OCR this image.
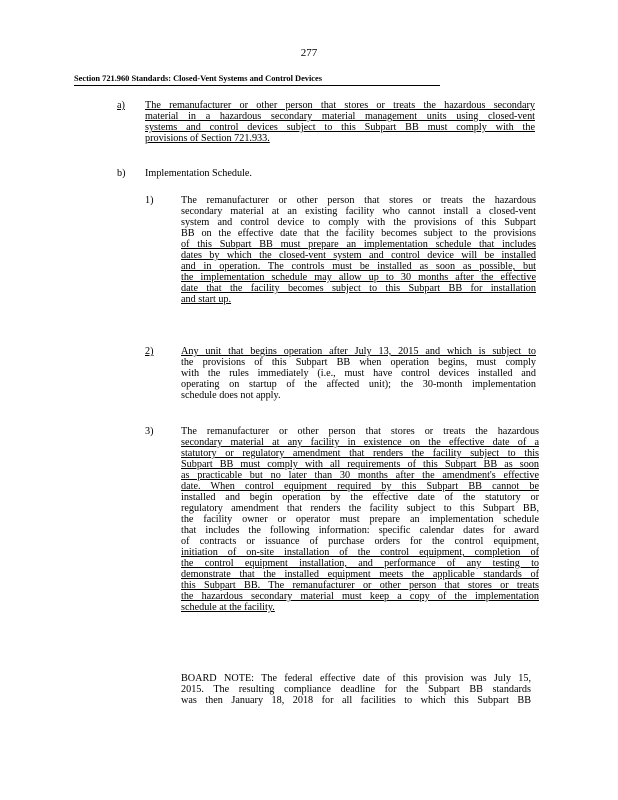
277
Section 721.960 Standards: Closed-Vent Systems and Control Devices
a) The remanufacturer or other person that stores or treats the hazardous secondary
material in a hazardous secondary material management units using closed-vent
systems and control devices subject to this Subpart BB must comply with the
provisions of Section 721.933.
b) Implementation Schedule.
1)	The remanufacturer or other person that stores or treats the hazardous
secondary material at an existing facility who cannot install a closed-vent
system and control device to comply with the provisions of this Subpart
BB on the effective date that the facility becomes subject to the provisions
of this Subpart BB must prepare an implementation schedule that includes
dates by which the closed-vent system and control device will be installed
and in operation. The controls must be installed as soon as possible, but
the implementation schedule may allow up to 30 months after the effective
date that the facility becomes subject to this Subpart BB for installation
and start up.
2)	Any unit that begins operation after July 13, 2015 and which is subject to
the provisions of this Subpart BB when operation begins, must comply
with the rules immediately (i.e., must have control devices installed and
operating on startup of the affected unit); the 30-month implementation
schedule does not apply.
3)	The remanufacturer or other person that stores or treats the hazardous
secondary material at any facility in existence on the effective date of a
statutory or regulatory amendment that renders the facility subject to this
Subpart BB must comply with all requirements of this Subpart BB as soon
as practicable but no later than 30 months after the amendment's effective
date. When control equipment required by this Subpart BB cannot be
installed and begin operation by the effective date of the statutory or
regulatory amendment that renders the facility subject to this Subpart BB,
the facility owner or operator must prepare an implementation schedule
that includes the following information: specific calendar dates for award
of contracts or issuance of purchase orders for the control equipment,
initiation of on-site installation of the control equipment, completion of
the control equipment installation, and performance of any testing to
demonstrate that the installed equipment meets the applicable standards of
this Subpart BB. The remanufacturer or other person that stores or treats
the hazardous secondary material must keep a copy of the implementation
schedule at the facility.
BOARD NOTE: The federal effective date of this provision was July 15,
2015. The resulting compliance deadline for the Subpart BB standards
was then January 18, 2018 for all facilities to which this Subpart BB
